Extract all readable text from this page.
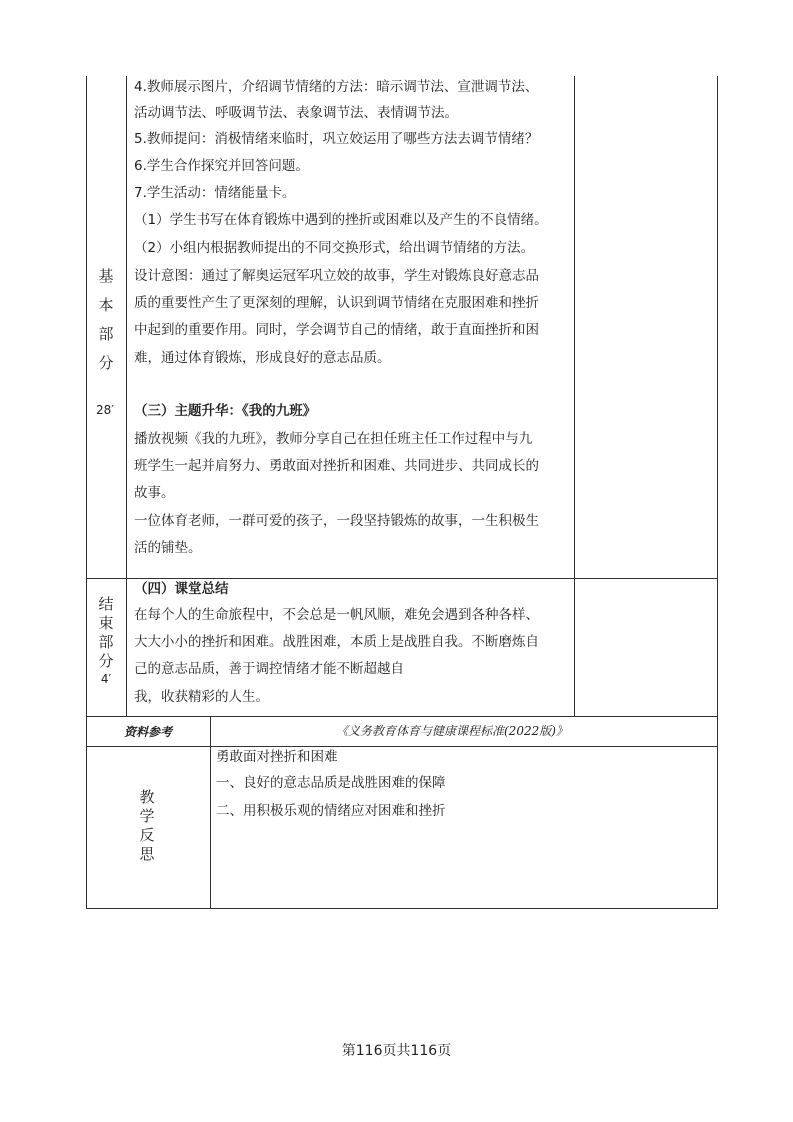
基
本
部
分
28′
4.教师展示图片，介绍调节情绪的方法：暗示调节法、宣泄调节法、
活动调节法、呼吸调节法、表象调节法、表情调节法。
5.教师提问：消极情绪来临时，巩立姣运用了哪些方法去调节情绪？
6.学生合作探究并回答问题。
7.学生活动：情绪能量卡。
（1）学生书写在体育锻炼中遇到的挫折或困难以及产生的不良情绪。
（2）小组内根据教师提出的不同交换形式，给出调节情绪的方法。
设计意图：通过了解奥运冠军巩立姣的故事，学生对锻炼良好意志品
质的重要性产生了更深刻的理解，认识到调节情绪在克服困难和挫折
中起到的重要作用。同时，学会调节自己的情绪，敢于直面挫折和困
难，通过体育锻炼，形成良好的意志品质。
（三）主题升华：《我的九班》
播放视频《我的九班》，教师分享自己在担任班主任工作过程中与九
班学生一起并肩努力、勇敢面对挫折和困难、共同进步、共同成长的
故事。
一位体育老师，一群可爱的孩子，一段坚持锻炼的故事，一生积极生
活的铺垫。
结
束
部
分
4′
（四）课堂总结
在每个人的生命旅程中，不会总是一帆风顺，难免会遇到各种各样、
大大小小的挫折和困难。战胜困难，本质上是战胜自我。不断磨炼自
己的意志品质，善于调控情绪才能不断超越自
我，收获精彩的人生。
资料参考	《义务教育体育与健康课程标准(2022版)》
教
学
反
思
勇敢面对挫折和困难
一、良好的意志品质是战胜困难的保障
二、用积极乐观的情绪应对困难和挫折
第116页共116页
